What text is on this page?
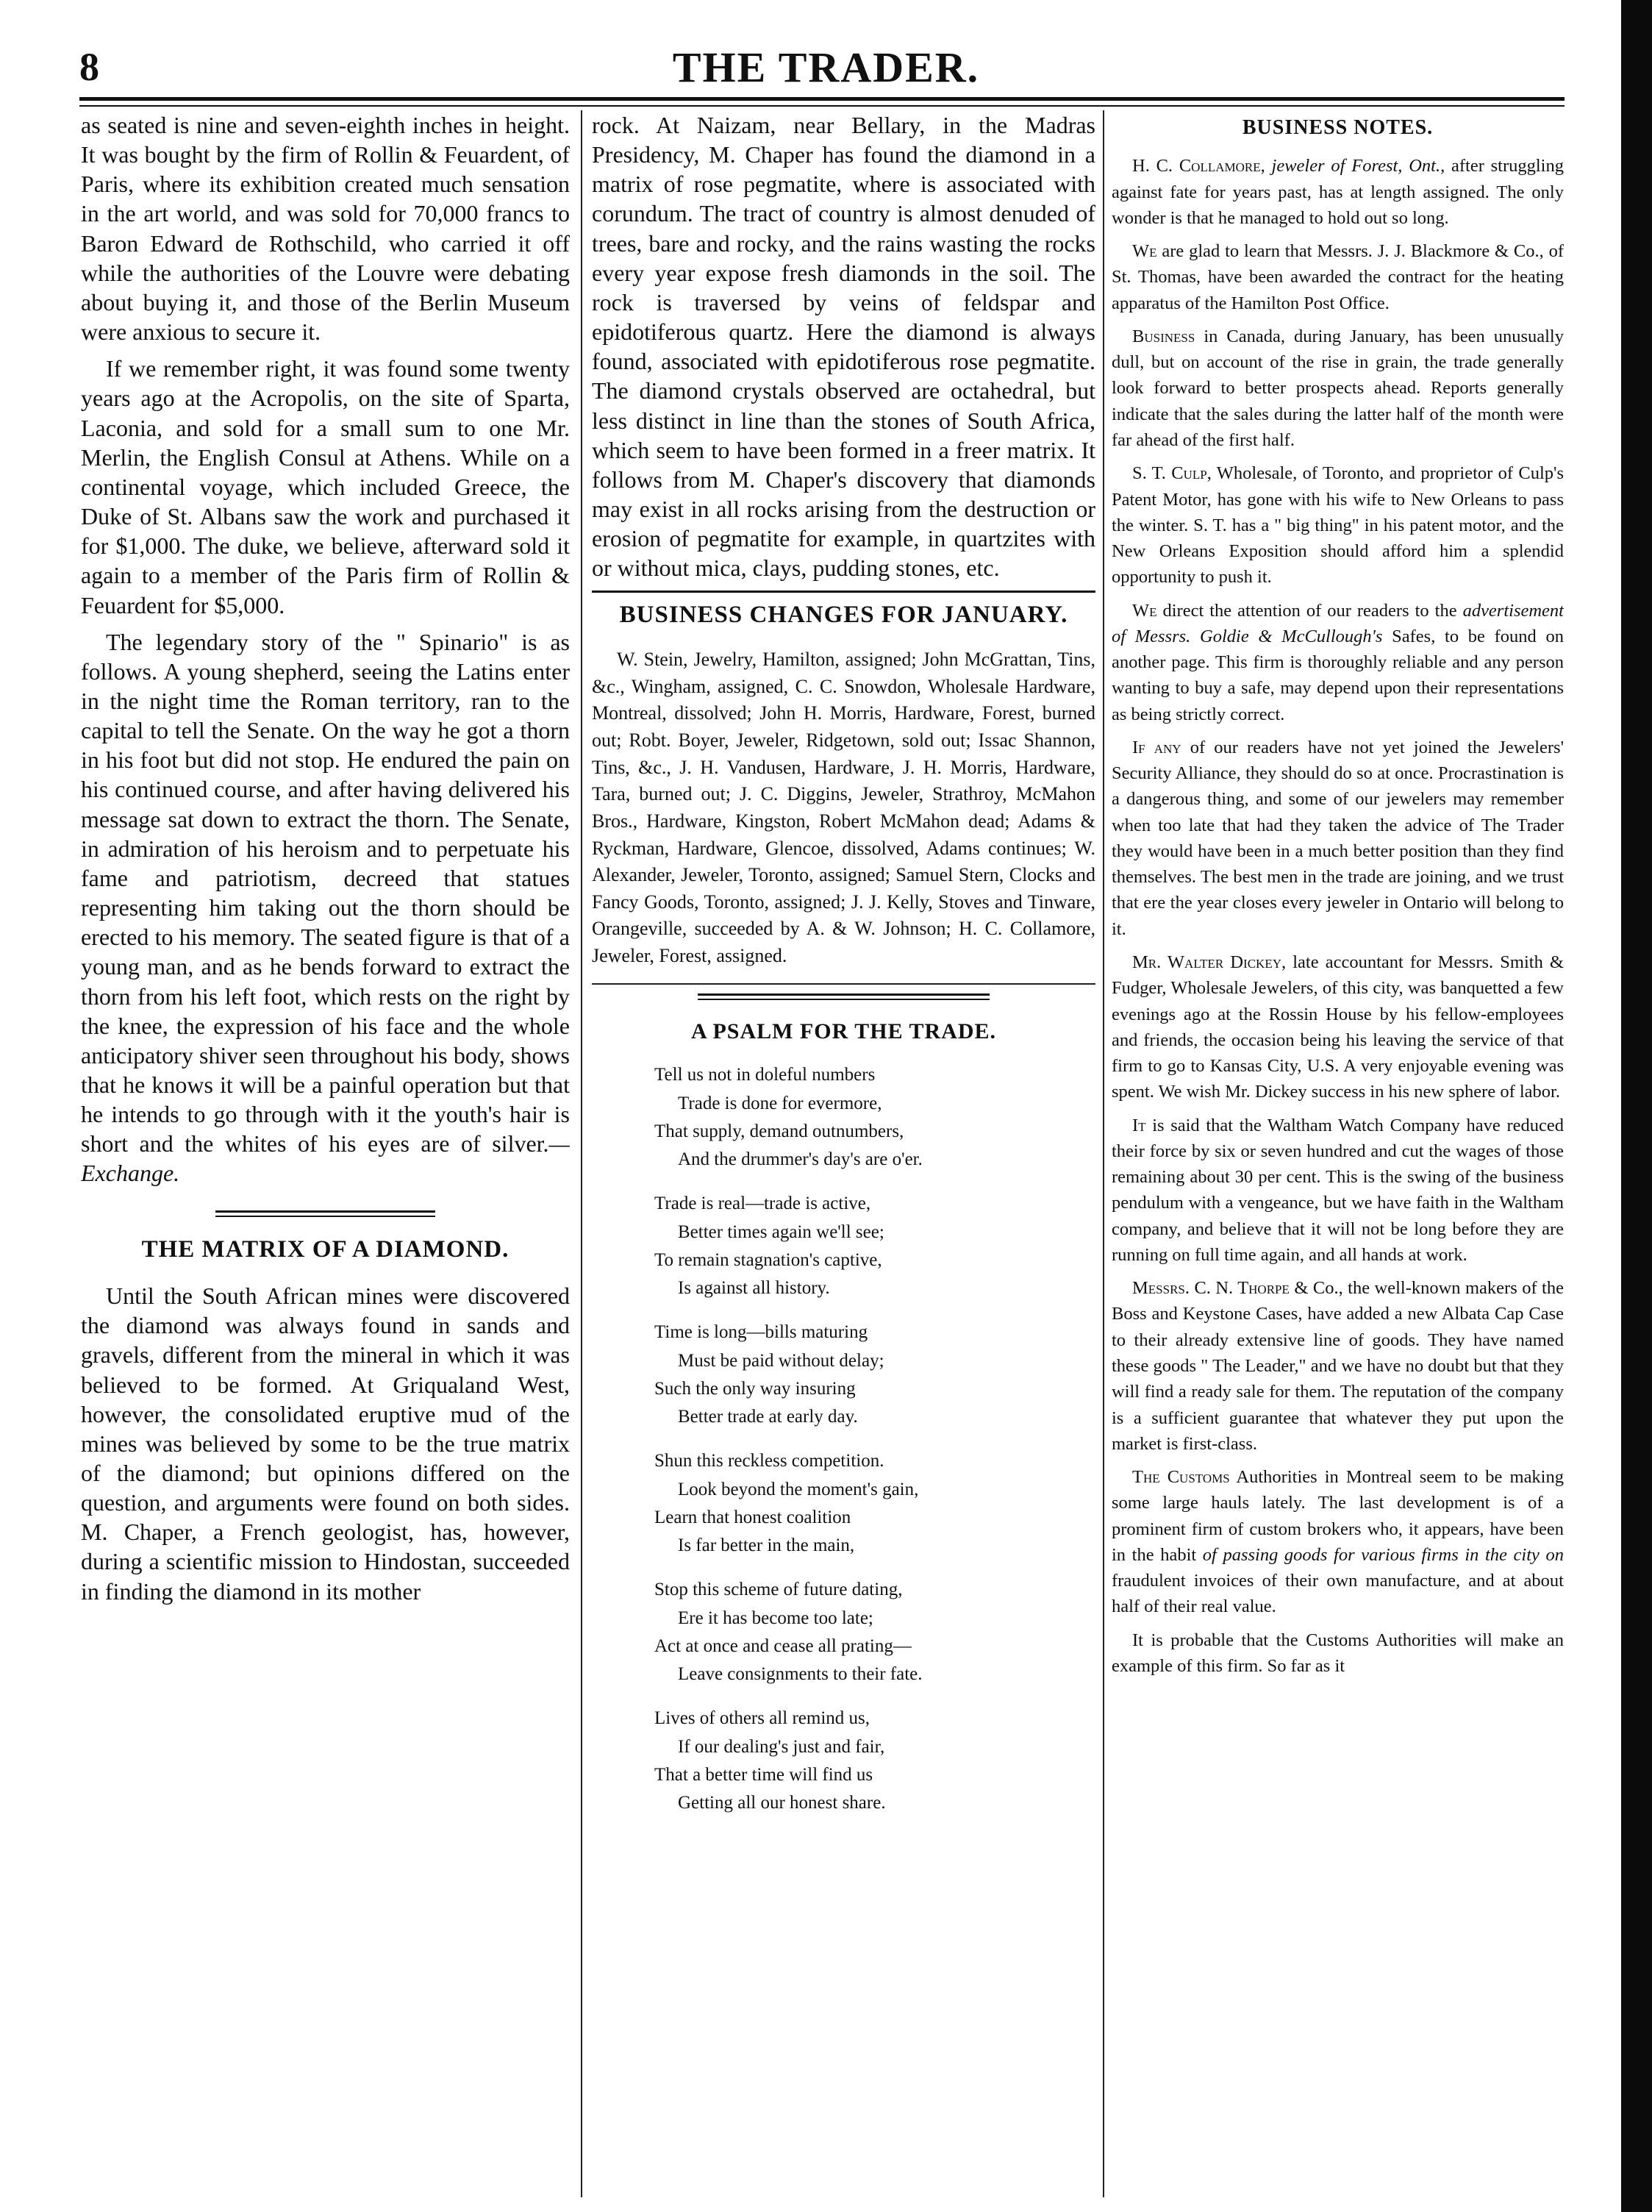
8	THE TRADER.

as seated is nine and seven-eighth inches in height. It was bought by the firm of Rollin & Feuardent, of Paris, where its exhibition created much sensation in the art world, and was sold for 70,000 francs to Baron Edward de Rothschild, who carried it off while the authorities of the Louvre were debating about buying it, and those of the Berlin Museum were anxious to secure it.

If we remember right, it was found some twenty years ago at the Acropolis, on the site of Sparta, Laconia, and sold for a small sum to one Mr. Merlin, the English Consul at Athens. While on a continental voyage, which included Greece, the Duke of St. Albans saw the work and purchased it for $1,000. The duke, we believe, afterward sold it again to a member of the Paris firm of Rollin & Feuardent for $5,000.

The legendary story of the " Spinario" is as follows. A young shepherd, seeing the Latins enter in the night time the Roman territory, ran to the capital to tell the Senate. On the way he got a thorn in his foot but did not stop. He endured the pain on his continued course, and after having delivered his message sat down to extract the thorn. The Senate, in admiration of his heroism and to perpetuate his fame and patriotism, decreed that statues representing him taking out the thorn should be erected to his memory. The seated figure is that of a young man, and as he bends forward to extract the thorn from his left foot, which rests on the right by the knee, the expression of his face and the whole anticipatory shiver seen throughout his body, shows that he knows it will be a painful operation but that he intends to go through with it the youth's hair is short and the whites of his eyes are of silver.—Exchange.

THE MATRIX OF A DIAMOND.

Until the South African mines were discovered the diamond was always found in sands and gravels, different from the mineral in which it was believed to be formed. At Griqualand West, however, the consolidated eruptive mud of the mines was believed by some to be the true matrix of the diamond; but opinions differed on the question, and arguments were found on both sides. M. Chaper, a French geologist, has, however, during a scientific mission to Hindostan, succeeded in finding the diamond in its mother

rock. At Naizam, near Bellary, in the Madras Presidency, M. Chaper has found the diamond in a matrix of rose pegmatite, where is associated with corundum. The tract of country is almost denuded of trees, bare and rocky, and the rains wasting the rocks every year expose fresh diamonds in the soil. The rock is traversed by veins of feldspar and epidotiferous quartz. Here the diamond is always found, associated with epidotiferous rose pegmatite. The diamond crystals observed are octahedral, but less distinct in line than the stones of South Africa, which seem to have been formed in a freer matrix. It follows from M. Chaper's discovery that diamonds may exist in all rocks arising from the destruction or erosion of pegmatite for example, in quartzites with or without mica, clays, pudding stones, etc.

BUSINESS CHANGES FOR JANUARY.

W. Stein, Jewelry, Hamilton, assigned; John McGrattan, Tins, &c., Wingham, assigned, C. C. Snowdon, Wholesale Hardware, Montreal, dissolved; John H. Morris, Hardware, Forest, burned out; Robt. Boyer, Jeweler, Ridgetown, sold out; Issac Shannon, Tins, &c., J. H. Vandusen, Hardware, J. H. Morris, Hardware, Tara, burned out; J. C. Diggins, Jeweler, Strathroy, McMahon Bros., Hardware, Kingston, Robert McMahon dead; Adams & Ryckman, Hardware, Glencoe, dissolved, Adams continues; W. Alexander, Jeweler, Toronto, assigned; Samuel Stern, Clocks and Fancy Goods, Toronto, assigned; J. J. Kelly, Stoves and Tinware, Orangeville, succeeded by A. & W. Johnson; H. C. Collamore, Jeweler, Forest, assigned.

A PSALM FOR THE TRADE.
Tell us not in doleful numbers
Trade is done for evermore,
That supply, demand outnumbers,
And the drummer's day's are o'er.
Trade is real—trade is active,
Better times again we'll see;
To remain stagnation's captive,
Is against all history.
Time is long—bills maturing
Must be paid without delay;
Such the only way insuring
Better trade at early day.
Shun this reckless competition.
Look beyond the moment's gain,
Learn that honest coalition
Is far better in the main,
Stop this scheme of future dating,
Ere it has become too late;
Act at once and cease all prating—
Leave consignments to their fate.
Lives of others all remind us,
If our dealing's just and fair,
That a better time will find us
Getting all our honest share.
BUSINESS NOTES.

H. C. Collamore, jeweler of Forest, Ont., after struggling against fate for years past, has at length assigned. The only wonder is that he managed to hold out so long.

We are glad to learn that Messrs. J. J. Blackmore & Co., of St. Thomas, have been awarded the contract for the heating apparatus of the Hamilton Post Office.

Business in Canada, during January, has been unusually dull, but on account of the rise in grain, the trade generally look forward to better prospects ahead. Reports generally indicate that the sales during the latter half of the month were far ahead of the first half.

S. T. Culp, Wholesale, of Toronto, and proprietor of Culp's Patent Motor, has gone with his wife to New Orleans to pass the winter. S. T. has a " big thing" in his patent motor, and the New Orleans Exposition should afford him a splendid opportunity to push it.

We direct the attention of our readers to the advertisement of Messrs. Goldie & McCullough's Safes, to be found on another page. This firm is thoroughly reliable and any person wanting to buy a safe, may depend upon their representations as being strictly correct.

If any of our readers have not yet joined the Jewelers' Security Alliance, they should do so at once. Procrastination is a dangerous thing, and some of our jewelers may remember when too late that had they taken the advice of The Trader they would have been in a much better position than they find themselves. The best men in the trade are joining, and we trust that ere the year closes every jeweler in Ontario will belong to it.

Mr. Walter Dickey, late accountant for Messrs. Smith & Fudger, Wholesale Jewelers, of this city, was banquetted a few evenings ago at the Rossin House by his fellow-employees and friends, the occasion being his leaving the service of that firm to go to Kansas City, U.S. A very enjoyable evening was spent. We wish Mr. Dickey success in his new sphere of labor.

It is said that the Waltham Watch Company have reduced their force by six or seven hundred and cut the wages of those remaining about 30 per cent. This is the swing of the business pendulum with a vengeance, but we have faith in the Waltham company, and believe that it will not be long before they are running on full time again, and all hands at work.

Messrs. C. N. Thorpe & Co., the well-known makers of the Boss and Keystone Cases, have added a new Albata Cap Case to their already extensive line of goods. They have named these goods " The Leader," and we have no doubt but that they will find a ready sale for them. The reputation of the company is a sufficient guarantee that whatever they put upon the market is first-class.

The Customs Authorities in Montreal seem to be making some large hauls lately. The last development is of a prominent firm of custom brokers who, it appears, have been in the habit of passing goods for various firms in the city on fraudulent invoices of their own manufacture, and at about half of their real value.

It is probable that the Customs Authorities will make an example of this firm. So far as it
